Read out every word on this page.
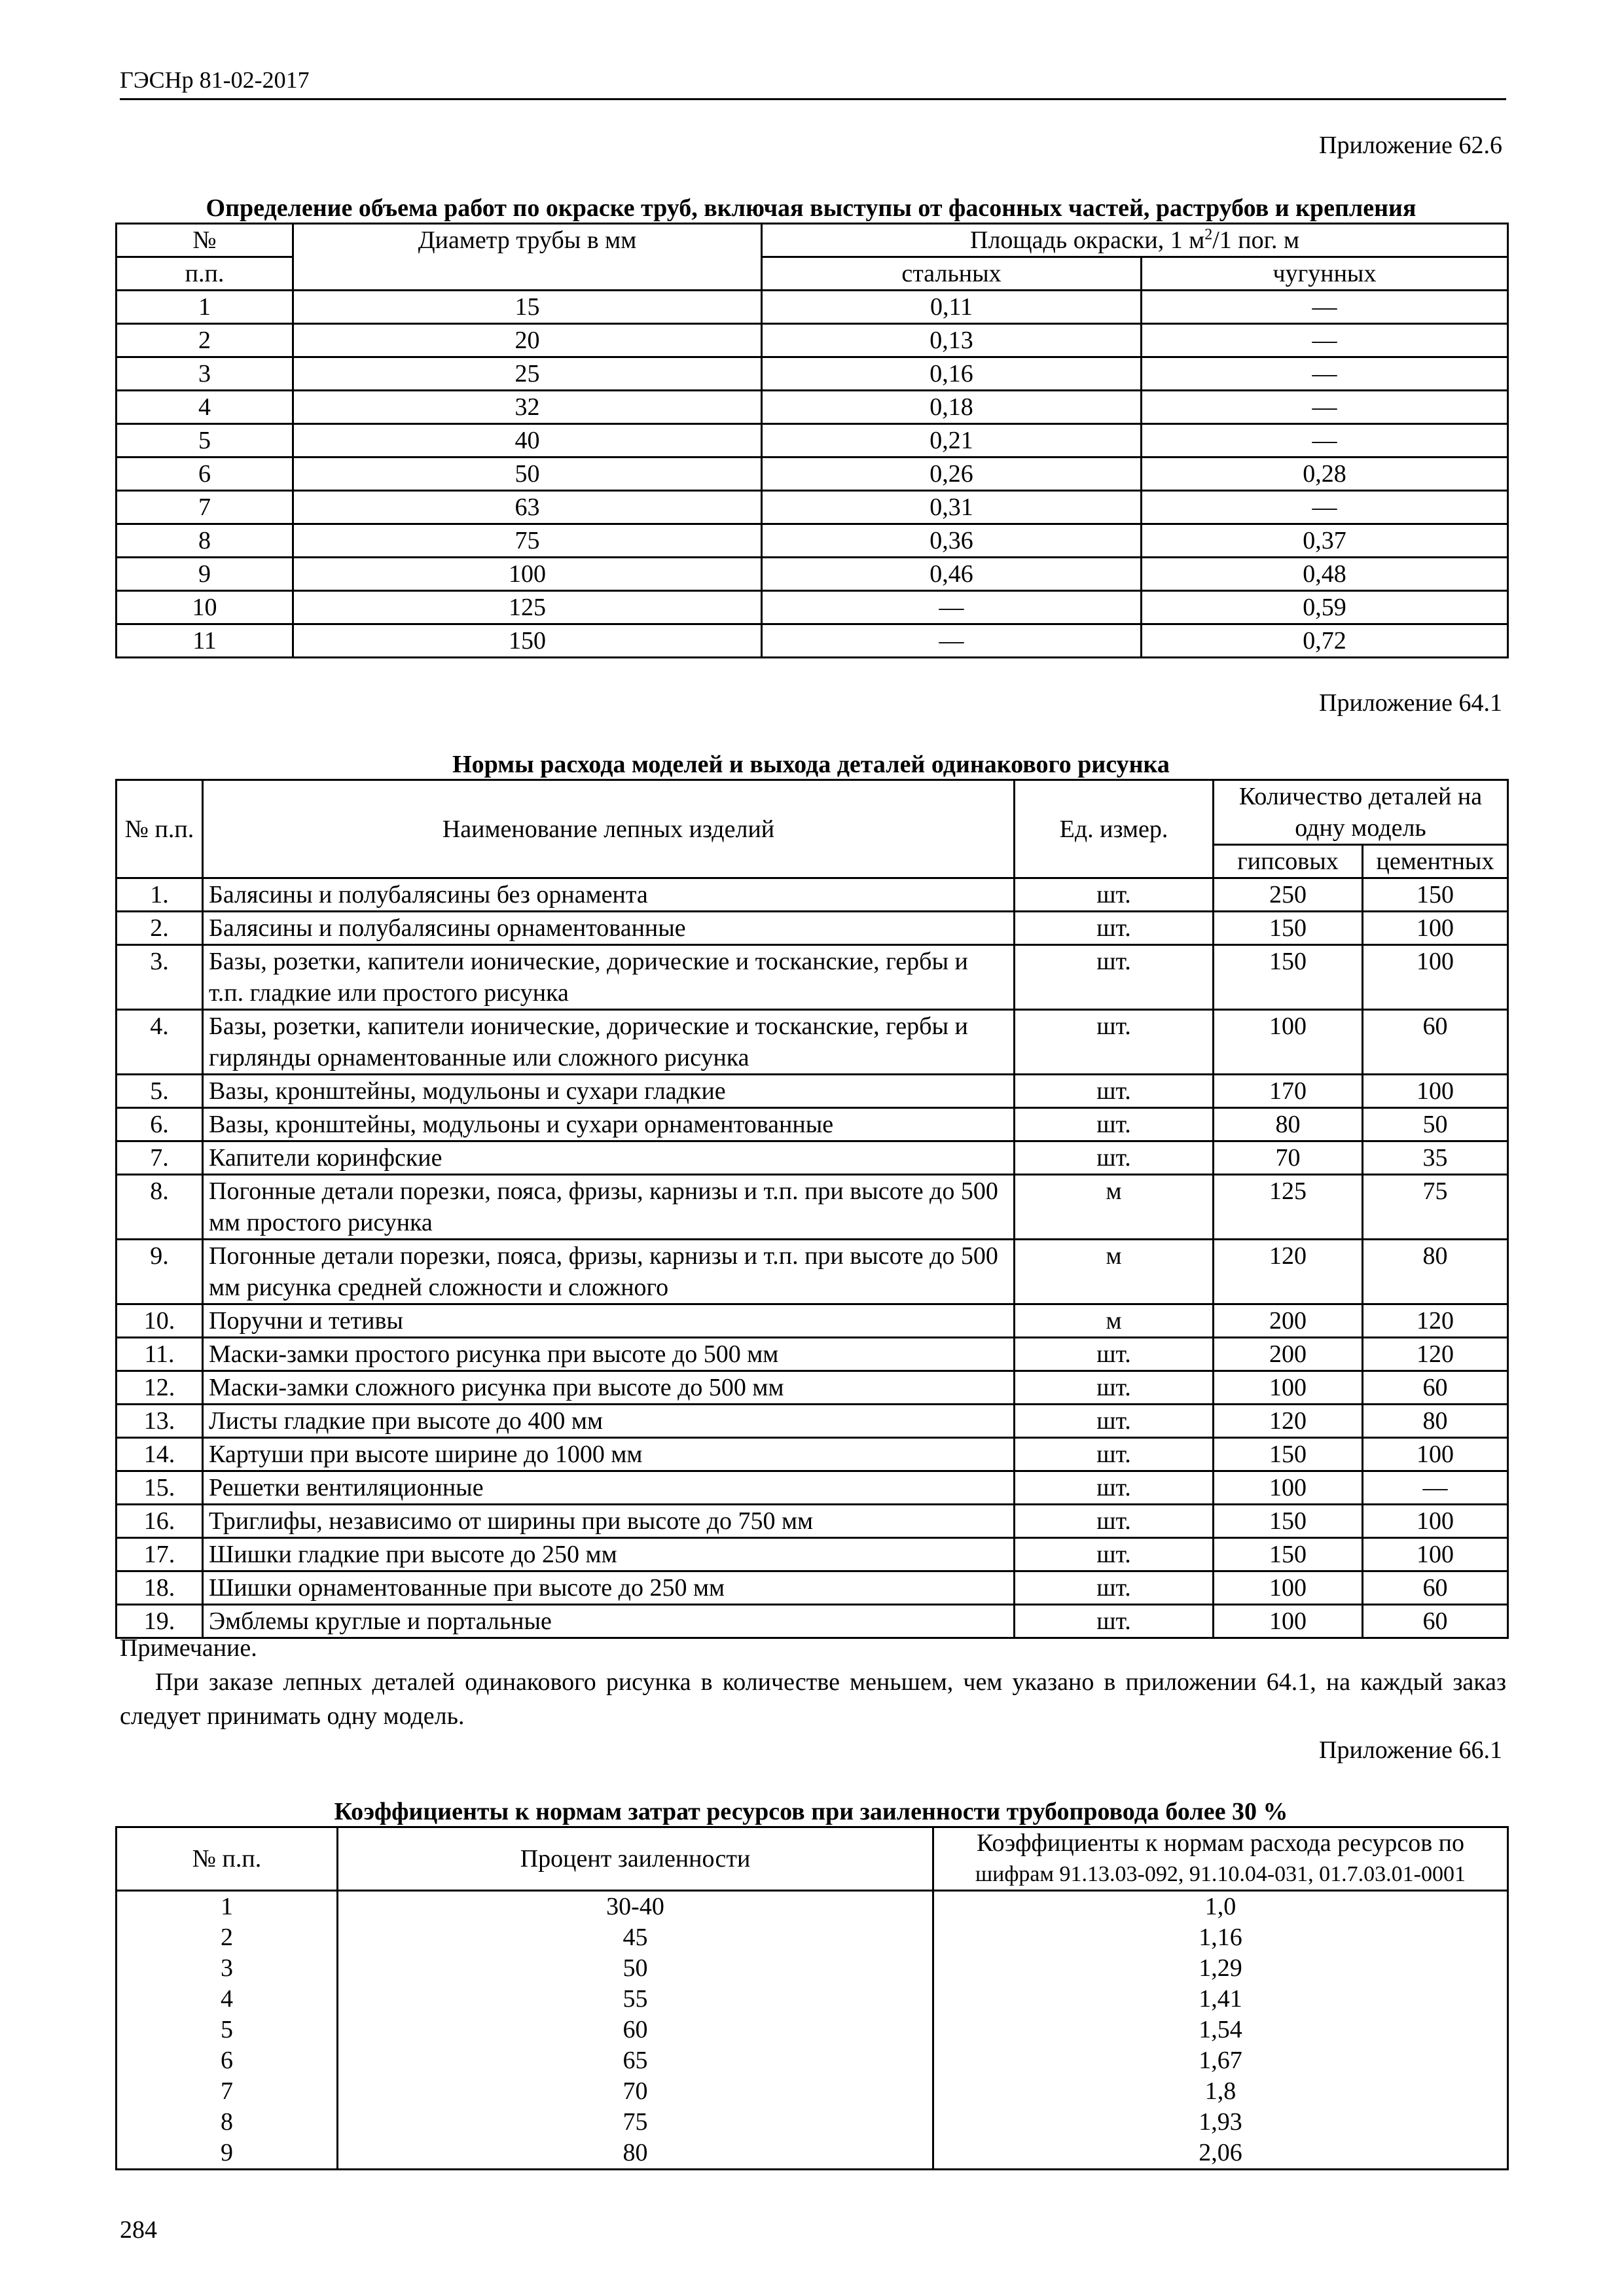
ГЭСНр 81-02-2017
Приложение 62.6
Определение объема работ по окраске труб, включая выступы от фасонных частей, раструбов и крепления
№	Диаметр трубы в мм	Площадь окраски, 1 $м^2/1$ пог. м	
п.п.		стальных	чугунных
1	15	0,11	—
2	20	0,13	—
3	25	0,16	—
4	32	0,18	—
5	40	0,21	—
6	50	0,26	0,28
7	63	0,31	—
8	75	0,36	0,37
9	100	0,46	0,48
10	125	—	0,59
11	150	—	0,72
Приложение 64.1
Нормы расхода моделей и выхода деталей одинакового рисунка
№ п.п.	Наименование лепных изделий	Ед. измер.	Количество деталей на одну модель	
			гипсовых	цементных
1.	Балясины и полубалясины без орнамента	шт.	250	150
2.	Балясины и полубалясины орнаментованные	шт.	150	100
3.	Базы, розетки, капители ионические, дорические и тосканские, гербы и т.п. гладкие или простого рисунка	шт.	150	100
4.	Базы, розетки, капители ионические, дорические и тосканские, гербы и гирлянды орнаментованные или сложного рисунка	шт.	100	60
5.	Вазы, кронштейны, модульоны и сухари гладкие	шт.	170	100
6.	Вазы, кронштейны, модульоны и сухари орнаментованные	шт.	80	50
7.	Капители коринфские	шт.	70	35
8.	Погонные детали порезки, пояса, фризы, карнизы и т.п. при высоте до 500 мм простого рисунка	м	125	75
9.	Погонные детали порезки, пояса, фризы, карнизы и т.п. при высоте до 500 мм рисунка средней сложности и сложного	м	120	80
10.	Поручни и тетивы	м	200	120
11.	Маски-замки простого рисунка при высоте до 500 мм	шт.	200	120
12.	Маски-замки сложного рисунка при высоте до 500 мм	шт.	100	60
13.	Листы гладкие при высоте до 400 мм	шт.	120	80
14.	Картуши при высоте ширине до 1000 мм	шт.	150	100
15.	Решетки вентиляционные	шт.	100	—
16.	Триглифы, независимо от ширины при высоте до 750 мм	шт.	150	100
17.	Шишки гладкие при высоте до 250 мм	шт.	150	100
18.	Шишки орнаментованные при высоте до 250 мм	шт.	100	60
19.	Эмблемы круглые и портальные	шт.	100	60

Примечание.

При заказе лепных деталей одинакового рисунка в количестве меньшем, чем указано в приложении 64.1, на каждый заказ следует принимать одну модель.

Приложение 66.1
Коэффициенты к нормам затрат ресурсов при заиленности трубопровода более 30 %
№ п.п.	Процент заиленности	Коэффициенты к нормам расхода ресурсов по
шифрам 91.13.03-092, 91.10.04-031, 01.7.03.01-0001

1	30-40	1,0
2	45	1,16
3	50	1,29
4	55	1,41
5	60	1,54
6	65	1,67
7	70	1,8
8	75	1,93
9	80	2,06
284
